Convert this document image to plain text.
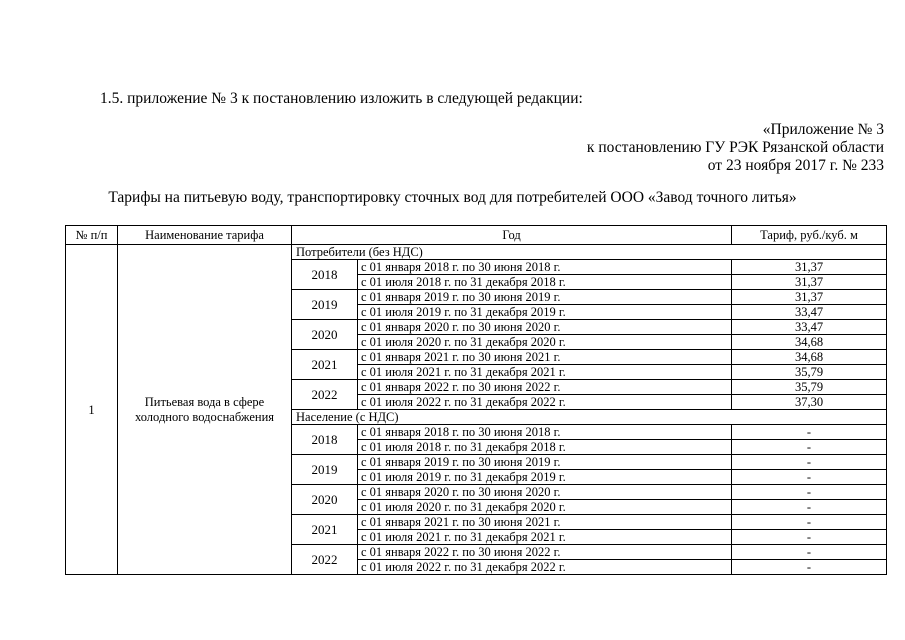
1.5. приложение № 3 к постановлению изложить в следующей редакции:
«Приложение № 3
к постановлению ГУ РЭК Рязанской области
от 23 ноября 2017 г. № 233
Тарифы на питьевую воду, транспортировку сточных вод для потребителей ООО «Завод точного литья»
№ п/п	Наименование тарифа	Год		Тариф, руб./куб. м
1	Питьевая вода в сфере холодного водоснабжения	Потребители (без НДС)		
		2018	с 01 января 2018 г. по 30 июня 2018 г.	31,37
			с 01 июля 2018 г. по 31 декабря 2018 г.	31,37
		2019	с 01 января 2019 г. по 30 июня 2019 г.	31,37
			с 01 июля 2019 г. по 31 декабря 2019 г.	33,47
		2020	с 01 января 2020 г. по 30 июня 2020 г.	33,47
			с 01 июля 2020 г. по 31 декабря 2020 г.	34,68
		2021	с 01 января 2021 г. по 30 июня 2021 г.	34,68
			с 01 июля 2021 г. по 31 декабря 2021 г.	35,79
		2022	с 01 января 2022 г. по 30 июня 2022 г.	35,79
			с 01 июля 2022 г. по 31 декабря 2022 г.	37,30
		Население (с НДС)		
		2018	с 01 января 2018 г. по 30 июня 2018 г.	-
			с 01 июля 2018 г. по 31 декабря 2018 г.	-
		2019	с 01 января 2019 г. по 30 июня 2019 г.	-
			с 01 июля 2019 г. по 31 декабря 2019 г.	-
		2020	с 01 января 2020 г. по 30 июня 2020 г.	-
			с 01 июля 2020 г. по 31 декабря 2020 г.	-
		2021	с 01 января 2021 г. по 30 июня 2021 г.	-
			с 01 июля 2021 г. по 31 декабря 2021 г.	-
		2022	с 01 января 2022 г. по 30 июня 2022 г.	-
			с 01 июля 2022 г. по 31 декабря 2022 г.	-
